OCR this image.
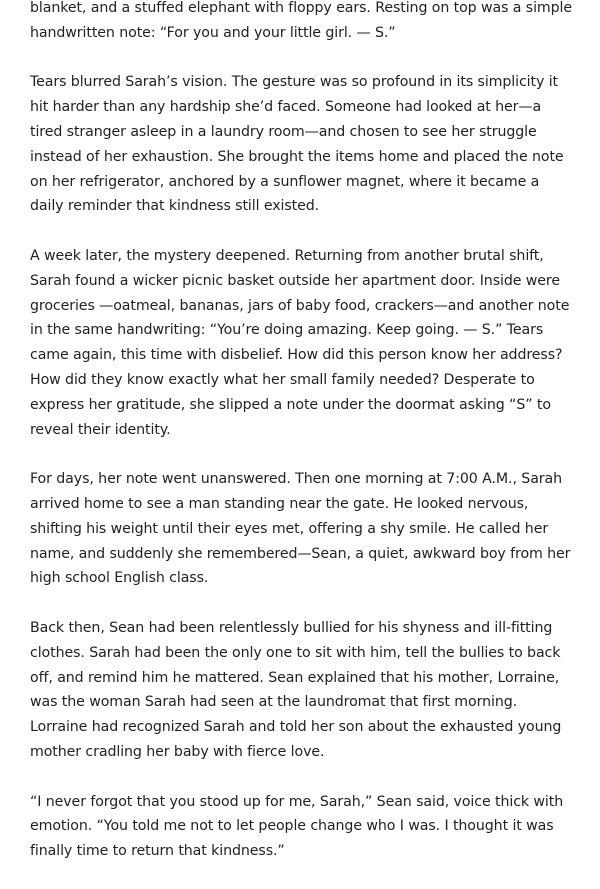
blanket, and a stuffed elephant with floppy ears. Resting on top was a simple handwritten note: “For you and your little girl. — S.”

Tears blurred Sarah’s vision. The gesture was so profound in its simplicity it hit harder than any hardship she’d faced. Someone had looked at her—a tired stranger asleep in a laundry room—and chosen to see her struggle instead of her exhaustion. She brought the items home and placed the note on her refrigerator, anchored by a sunflower magnet, where it became a daily reminder that kindness still existed.

A week later, the mystery deepened. Returning from another brutal shift, Sarah found a wicker picnic basket outside her apartment door. Inside were groceries —oatmeal, bananas, jars of baby food, crackers—and another note in the same handwriting: “You’re doing amazing. Keep going. — S.” Tears came again, this time with disbelief. How did this person know her address? How did they know exactly what her small family needed? Desperate to express her gratitude, she slipped a note under the doormat asking “S” to reveal their identity.

For days, her note went unanswered. Then one morning at 7:00 A.M., Sarah arrived home to see a man standing near the gate. He looked nervous, shifting his weight until their eyes met, offering a shy smile. He called her name, and suddenly she remembered—Sean, a quiet, awkward boy from her high school English class.

Back then, Sean had been relentlessly bullied for his shyness and ill-fitting clothes. Sarah had been the only one to sit with him, tell the bullies to back off, and remind him he mattered. Sean explained that his mother, Lorraine, was the woman Sarah had seen at the laundromat that first morning. Lorraine had recognized Sarah and told her son about the exhausted young mother cradling her baby with fierce love.

“I never forgot that you stood up for me, Sarah,” Sean said, voice thick with emotion. “You told me not to let people change who I was. I thought it was finally time to return that kindness.”
